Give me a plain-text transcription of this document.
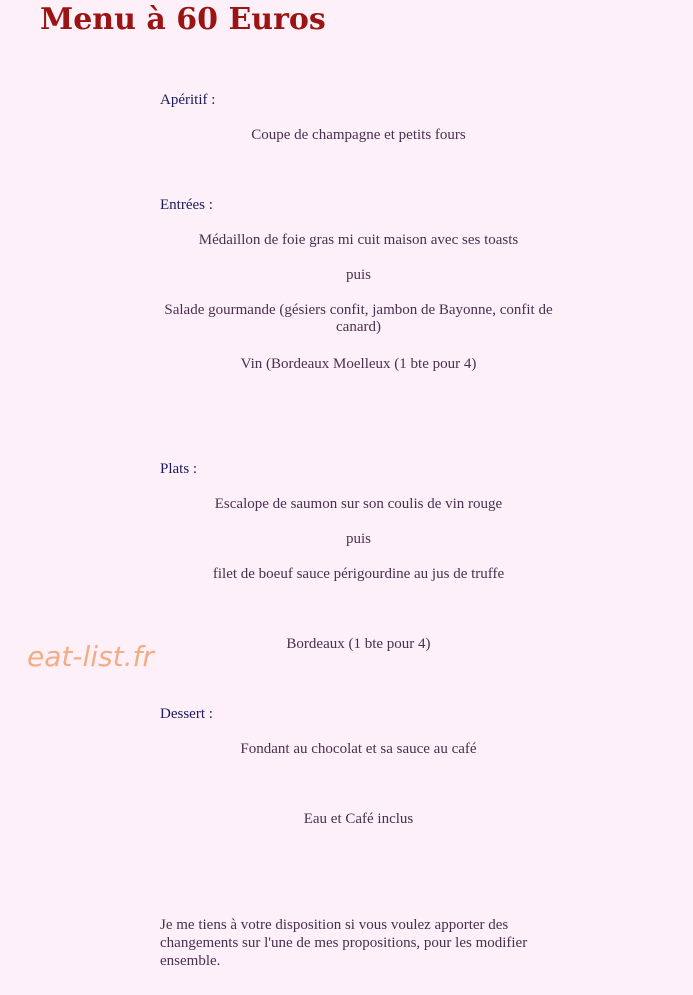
Menu à 60 Euros
Apéritif :
Coupe de champagne et petits fours
Entrées :
Médaillon de foie gras mi cuit maison avec ses toasts
puis
Salade gourmande (gésiers confit, jambon de Bayonne, confit de canard)
Vin (Bordeaux Moelleux (1 bte pour 4)
Plats :
Escalope de saumon sur son coulis de vin rouge
puis
filet de boeuf sauce périgourdine au jus de truffe
Bordeaux (1 bte pour 4)
eat-list.fr
Dessert :
Fondant au chocolat et sa sauce au café
Eau et Café inclus
Je me tiens à votre disposition si vous voulez apporter des changements sur l'une de mes propositions, pour les modifier ensemble.
